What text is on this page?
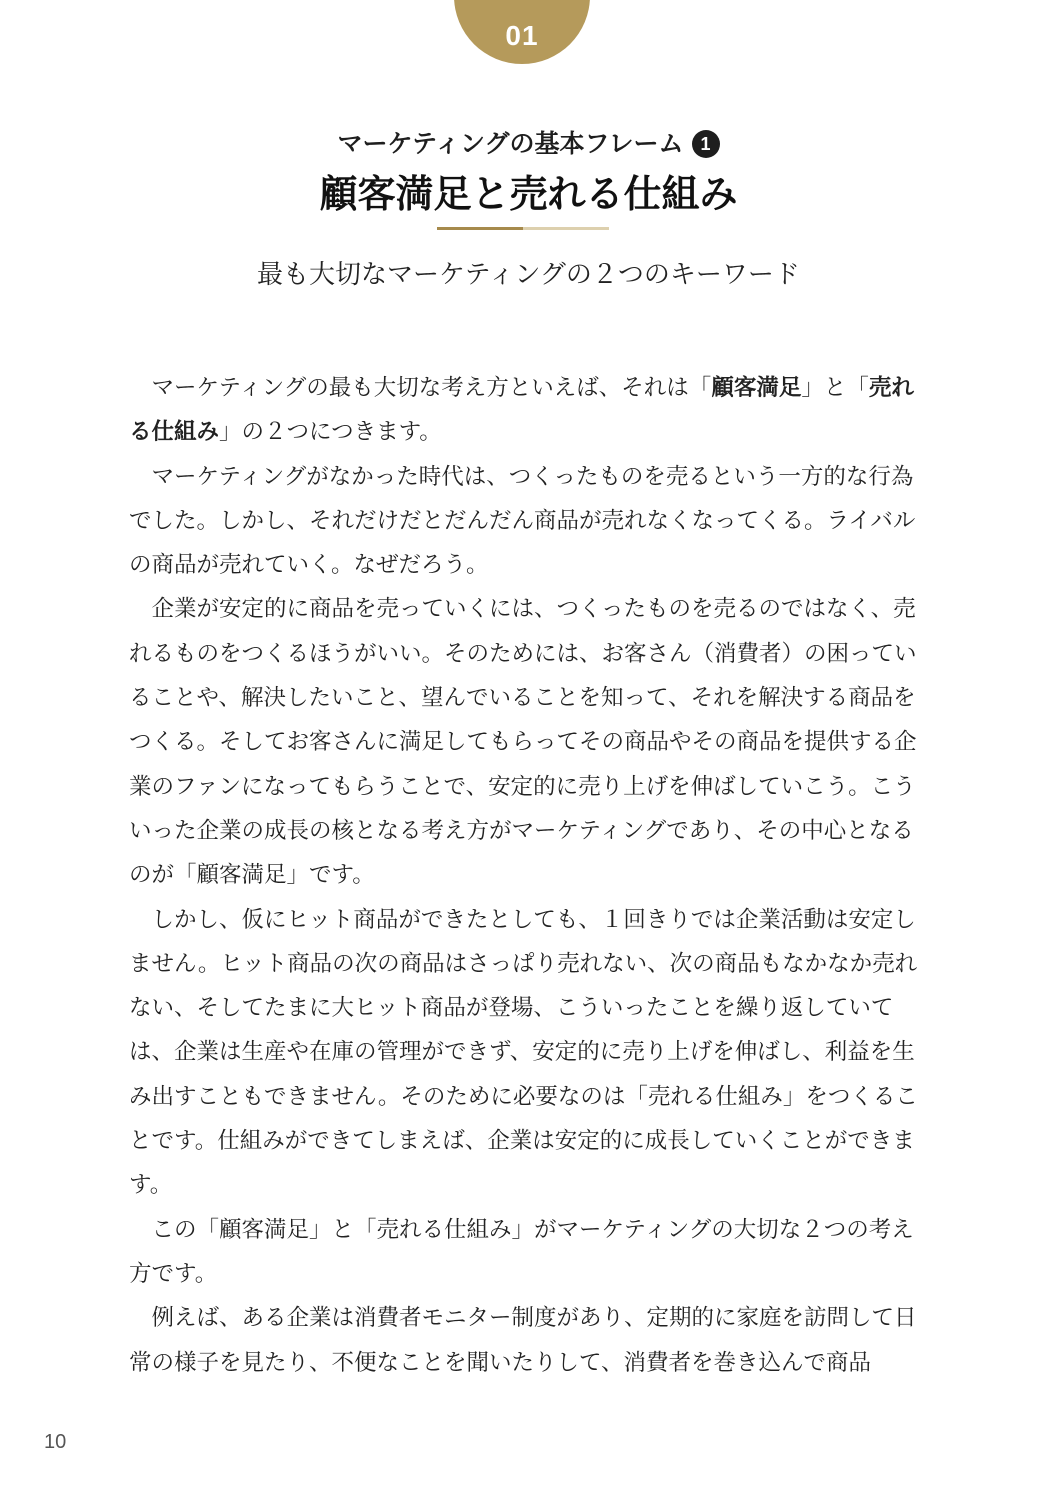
01
マーケティングの基本フレーム 1
顧客満足と売れる仕組み
最も大切なマーケティングの２つのキーワード

マーケティングの最も大切な考え方といえば、それは「顧客満足」と「売れる仕組み」の２つにつきます。

マーケティングがなかった時代は、つくったものを売るという一方的な行為でした。しかし、それだけだとだんだん商品が売れなくなってくる。ライバルの商品が売れていく。なぜだろう。

企業が安定的に商品を売っていくには、つくったものを売るのではなく、売れるものをつくるほうがいい。そのためには、お客さん（消費者）の困っていることや、解決したいこと、望んでいることを知って、それを解決する商品をつくる。そしてお客さんに満足してもらってその商品やその商品を提供する企業のファンになってもらうことで、安定的に売り上げを伸ばしていこう。こういった企業の成長の核となる考え方がマーケティングであり、その中心となるのが「顧客満足」です。

しかし、仮にヒット商品ができたとしても、１回きりでは企業活動は安定しません。ヒット商品の次の商品はさっぱり売れない、次の商品もなかなか売れない、そしてたまに大ヒット商品が登場、こういったことを繰り返していては、企業は生産や在庫の管理ができず、安定的に売り上げを伸ばし、利益を生み出すこともできません。そのために必要なのは「売れる仕組み」をつくることです。仕組みができてしまえば、企業は安定的に成長していくことができます。

この「顧客満足」と「売れる仕組み」がマーケティングの大切な２つの考え方です。

例えば、ある企業は消費者モニター制度があり、定期的に家庭を訪問して日常の様子を見たり、不便なことを聞いたりして、消費者を巻き込んで商品

10
